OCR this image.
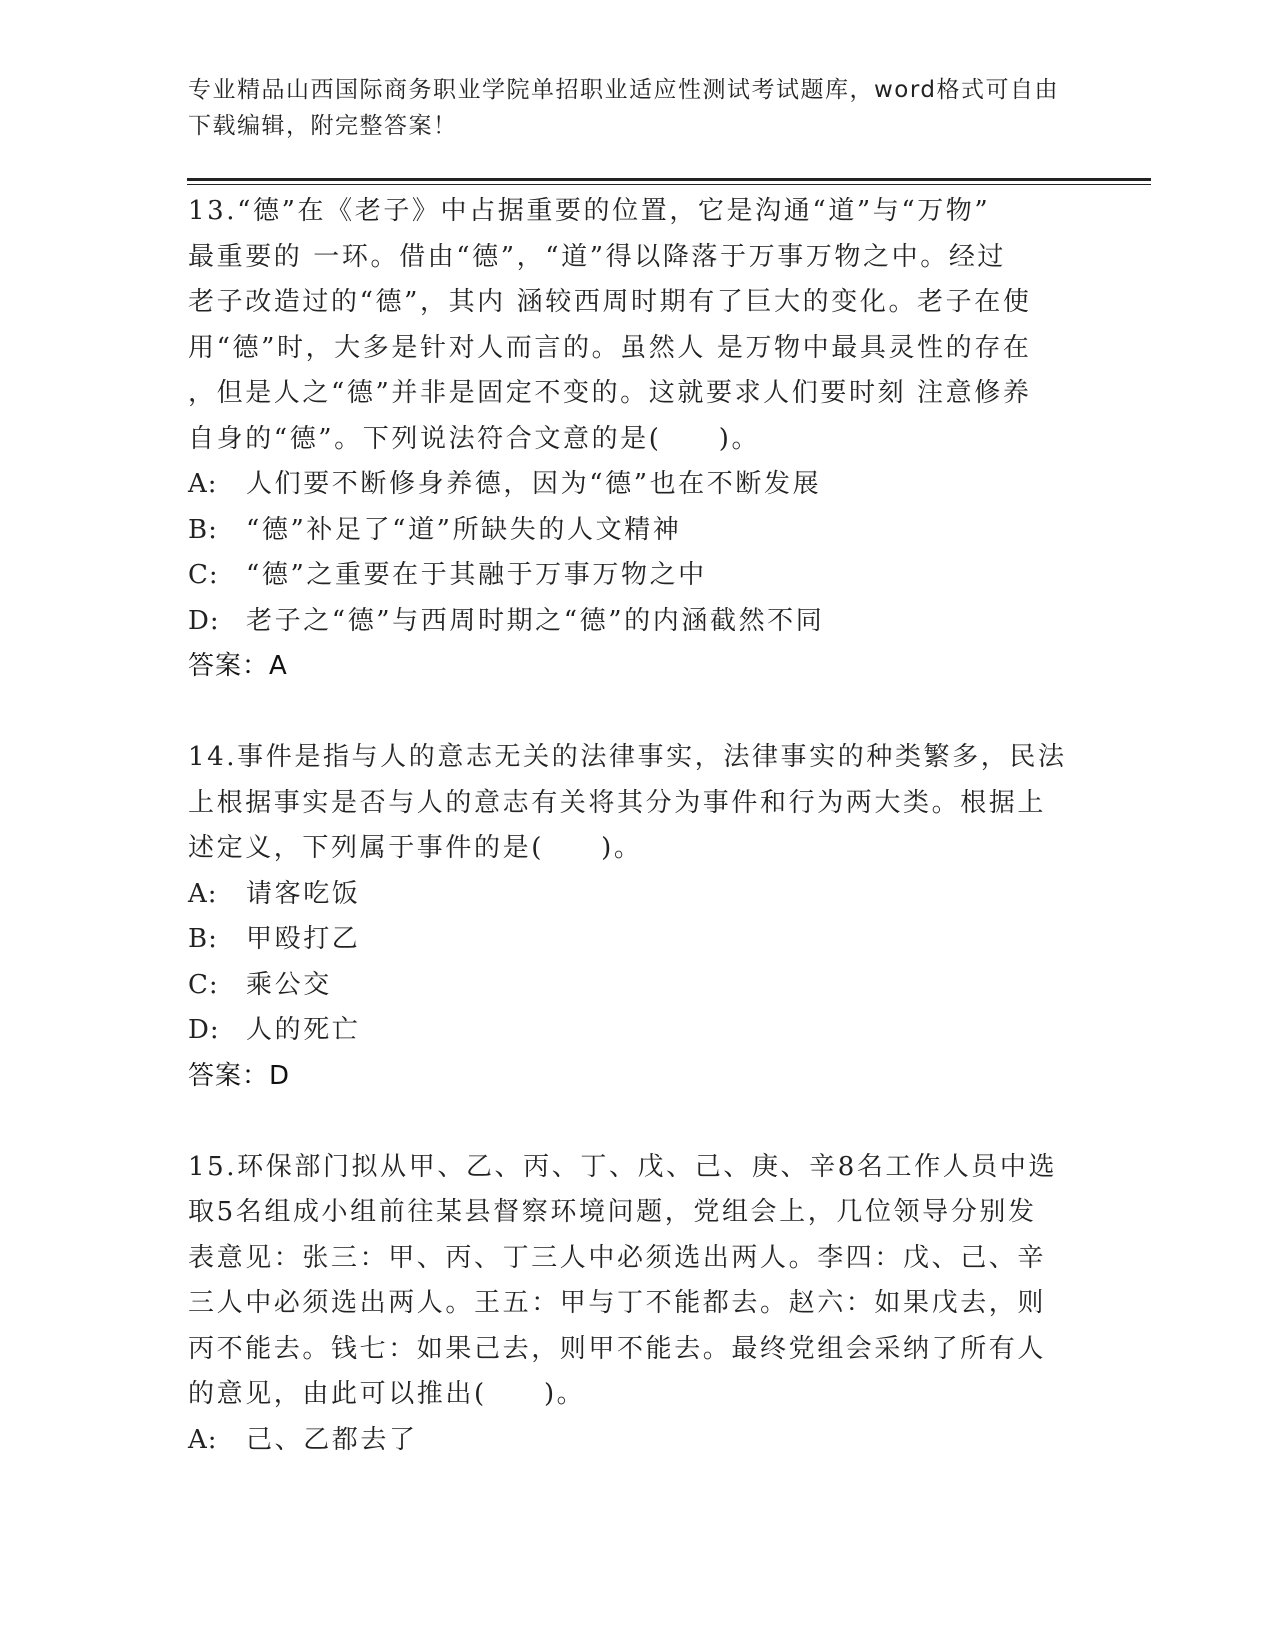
专业精品山西国际商务职业学院单招职业适应性测试考试题库，word格式可自由
下载编辑，附完整答案！
13.“德”在《老子》中占据重要的位置，它是沟通“道”与“万物”
最重要的 一环。借由“德”，“道”得以降落于万事万物之中。经过
老子改造过的“德”，其内 涵较西周时期有了巨大的变化。老子在使
用“德”时，大多是针对人而言的。虽然人 是万物中最具灵性的存在
，但是人之“德”并非是固定不变的。这就要求人们要时刻 注意修养
自身的“德”。下列说法符合文意的是(　　)。
A:	人们要不断修身养德，因为“德”也在不断发展
B:	“德”补足了“道”所缺失的人文精神
C:	“德”之重要在于其融于万事万物之中
D:	老子之“德”与西周时期之“德”的内涵截然不同
答案：A
14.事件是指与人的意志无关的法律事实，法律事实的种类繁多，民法
上根据事实是否与人的意志有关将其分为事件和行为两大类。根据上
述定义，下列属于事件的是(　　)。
A:	请客吃饭
B:	甲殴打乙
C:	乘公交
D:	人的死亡
答案：D
15.环保部门拟从甲、乙、丙、丁、戊、己、庚、辛8名工作人员中选
取5名组成小组前往某县督察环境问题，党组会上，几位领导分别发
表意见：张三：甲、丙、丁三人中必须选出两人。李四：戊、己、辛
三人中必须选出两人。王五：甲与丁不能都去。赵六：如果戊去，则
丙不能去。钱七：如果己去，则甲不能去。最终党组会采纳了所有人
的意见，由此可以推出(　　)。
A:	己、乙都去了
